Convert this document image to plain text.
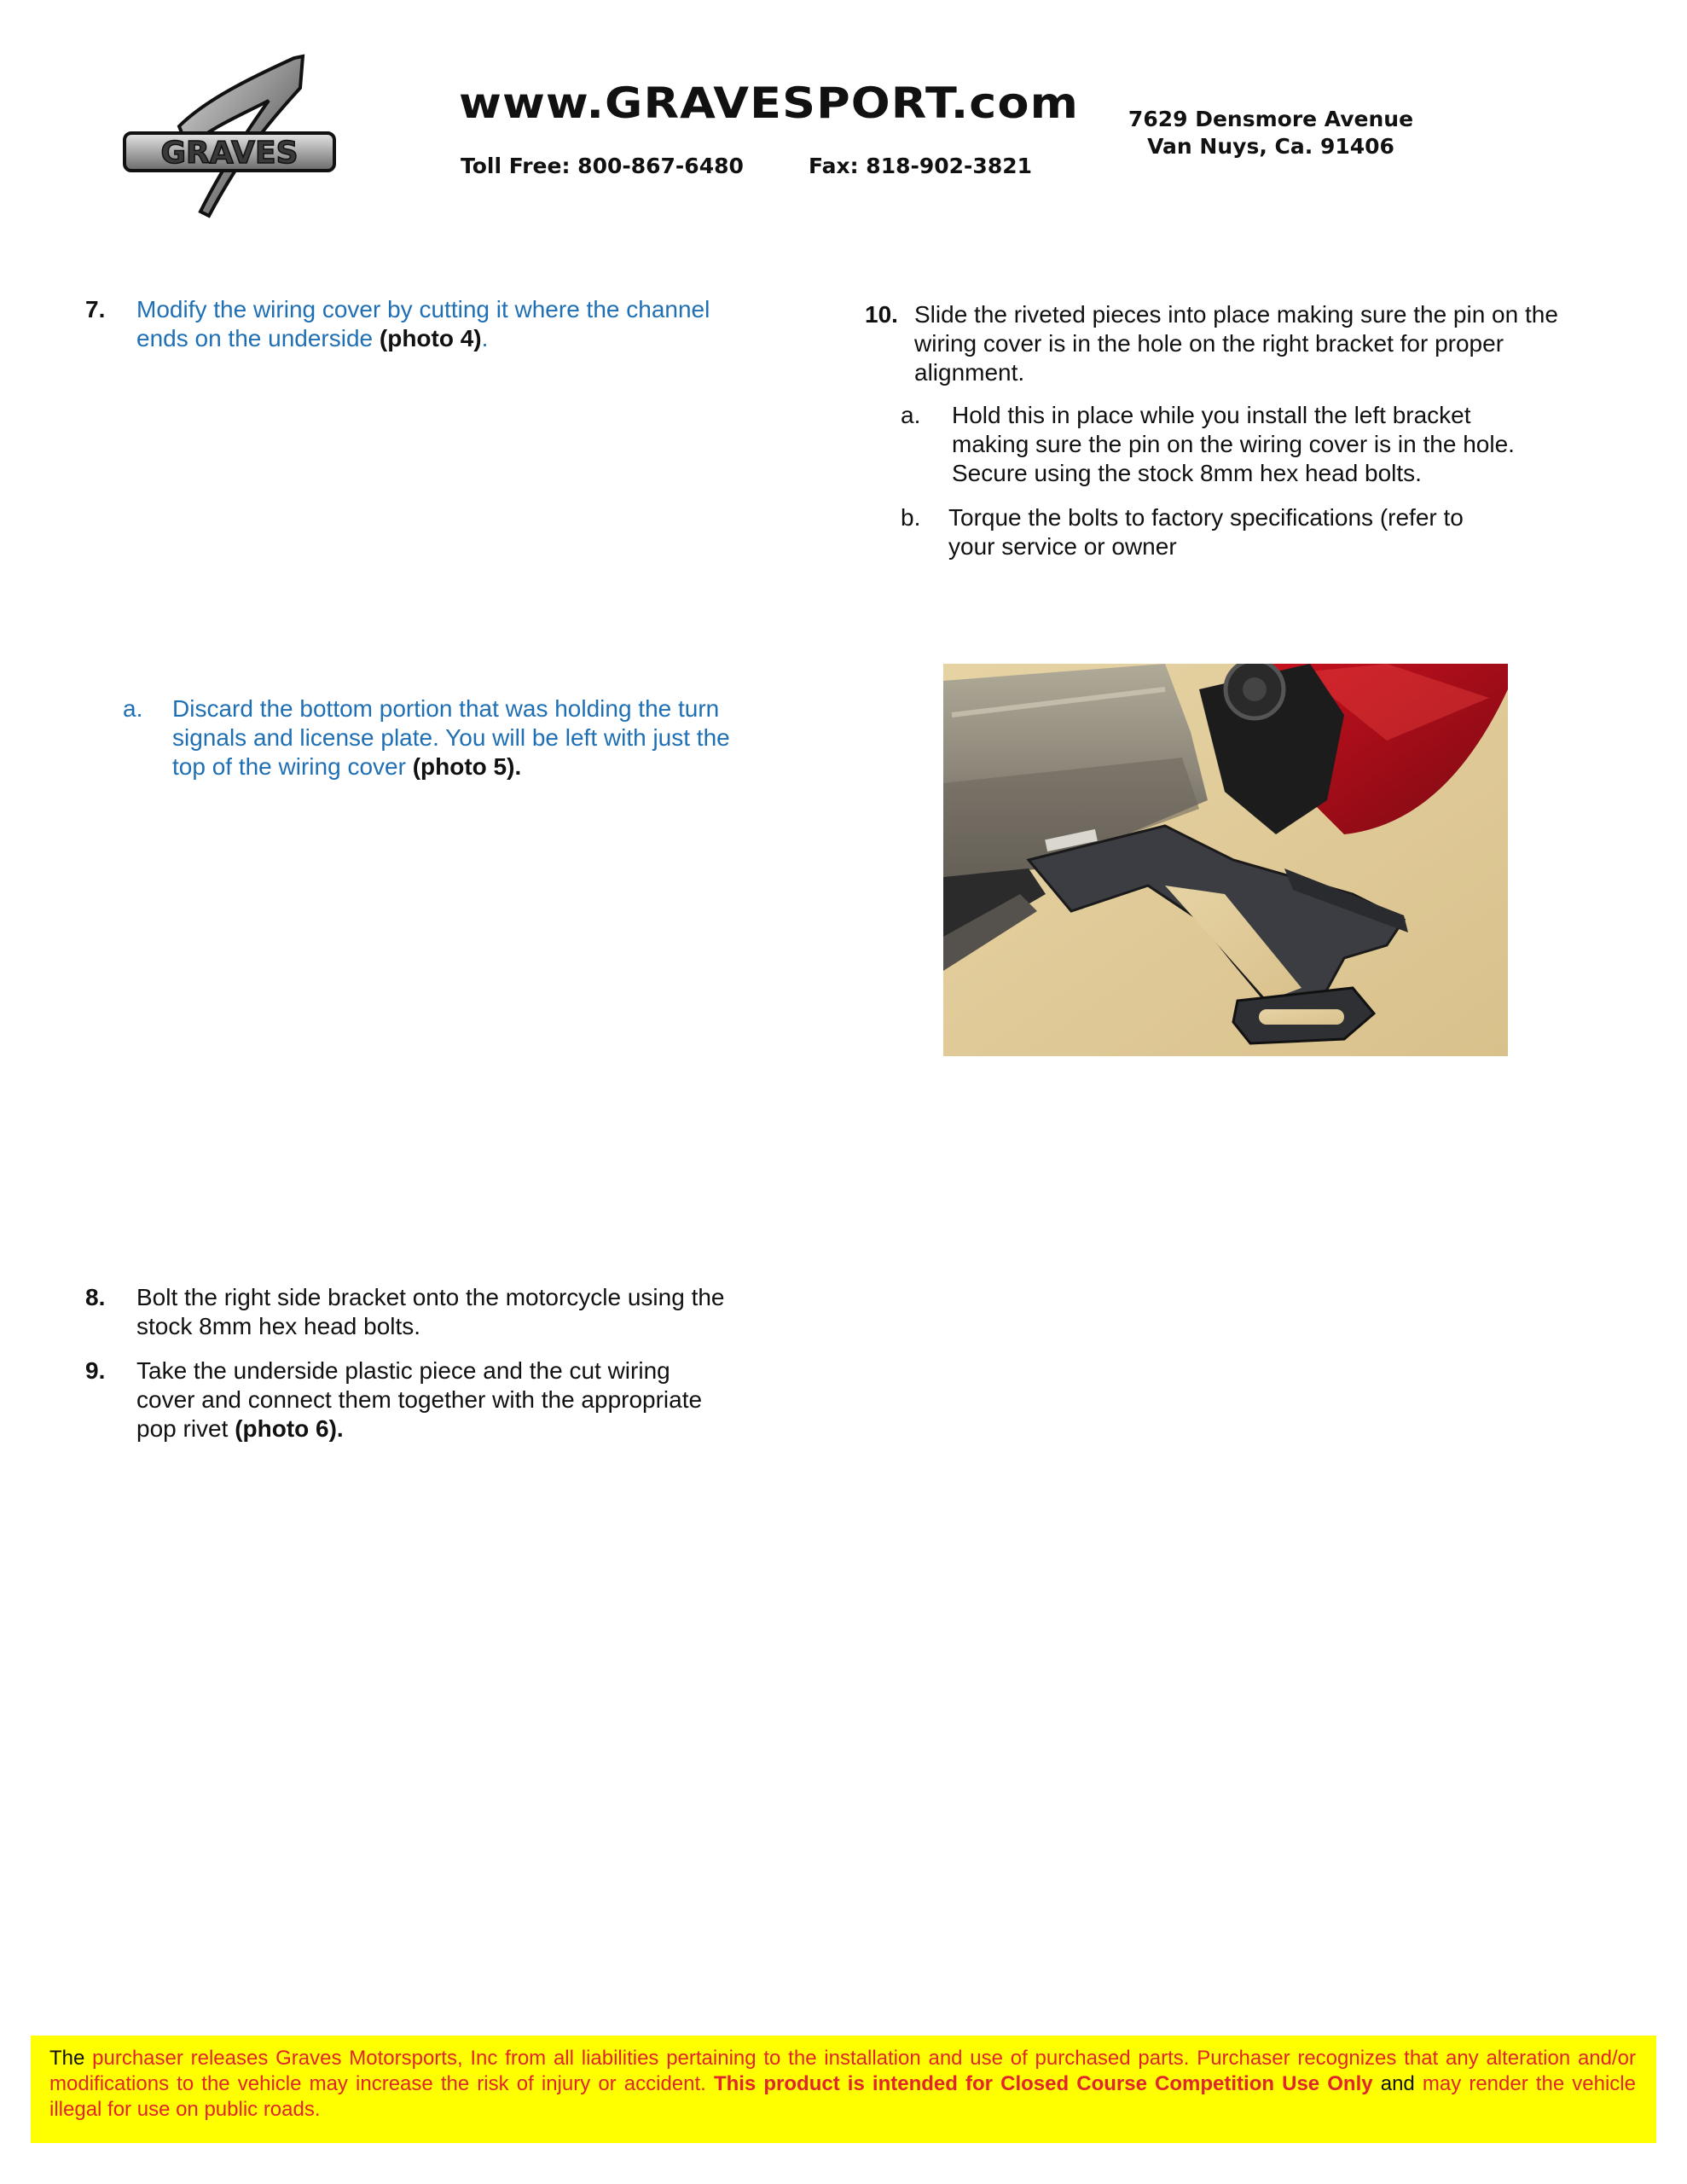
GRAVES
www.GRAVESPORT.com
Toll Free: 800-867-6480	Fax: 818-902-3821
7629 Densmore Avenue
Van Nuys, Ca. 91406
7. Modify the wiring cover by cutting it where the channel ends on the underside (photo 4).
a. Discard the bottom portion that was holding the turn signals and license plate. You will be left with just the top of the wiring cover (photo 5).
8. Bolt the right side bracket onto the motorcycle using the stock 8mm hex head bolts.
9. Take the underside plastic piece and the cut wiring cover and connect them together with the appropriate pop rivet (photo 6).
10. Slide the riveted pieces into place making sure the pin on the wiring cover is in the hole on the right bracket for proper alignment.
a. Hold this in place while you install the left bracket making sure the pin on the wiring cover is in the hole. Secure using the stock 8mm hex head bolts.
b. Torque the bolts to factory specifications (refer to your service or owner
The purchaser releases Graves Motorsports, Inc from all liabilities pertaining to the installation and use of purchased parts. Purchaser recognizes that any alteration and/or modifications to the vehicle may increase the risk of injury or accident. This product is intended for Closed Course Competition Use Only and may render the vehicle illegal for use on public roads.
